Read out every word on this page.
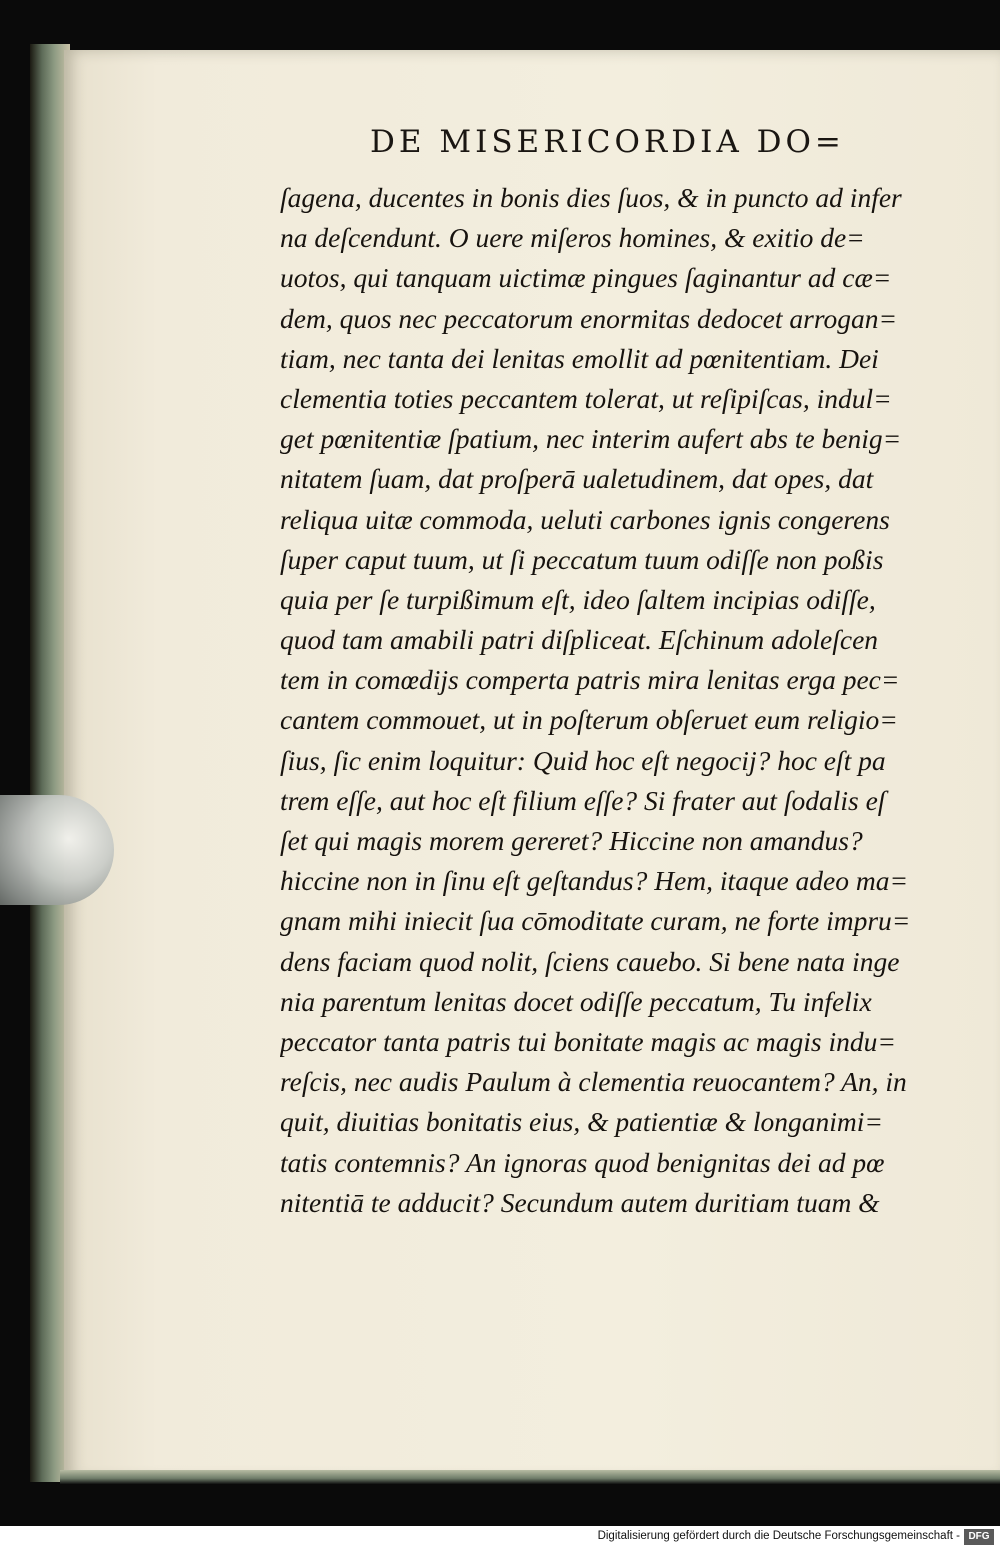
DE MISERICORDIA DO=
ſagena, ducentes in bonis dies ſuos, & in puncto ad infer
na deſcendunt. O uere miſeros homines, & exitio de=
uotos, qui tanquam uictimæ pingues ſaginantur ad cæ=
dem, quos nec peccatorum enormitas dedocet arrogan=
tiam, nec tanta dei lenitas emollit ad pœnitentiam. Dei
clementia toties peccantem tolerat, ut reſipiſcas, indul=
get pœnitentiæ ſpatium, nec interim aufert abs te benig=
nitatem ſuam, dat proſperā ualetudinem, dat opes, dat
reliqua uitæ commoda, ueluti carbones ignis congerens
ſuper caput tuum, ut ſi peccatum tuum odiſſe non poßis
quia per ſe turpißimum eſt, ideo ſaltem incipias odiſſe,
quod tam amabili patri diſpliceat. Eſchinum adoleſcen
tem in comœdijs comperta patris mira lenitas erga pec=
cantem commouet, ut in poſterum obſeruet eum religio=
ſius, ſic enim loquitur: Quid hoc eſt negocij? hoc eſt pa
trem eſſe, aut hoc eſt filium eſſe? Si frater aut ſodalis eſ
ſet qui magis morem gereret? Hiccine non amandus?
hiccine non in ſinu eſt geſtandus? Hem, itaque adeo ma=
gnam mihi iniecit ſua cōmoditate curam, ne forte impru=
dens faciam quod nolit, ſciens cauebo. Si bene nata inge
nia parentum lenitas docet odiſſe peccatum, Tu infelix
peccator tanta patris tui bonitate magis ac magis indu=
reſcis, nec audis Paulum à clementia reuocantem? An, in
quit, diuitias bonitatis eius, & patientiæ & longanimi=
tatis contemnis? An ignoras quod benignitas dei ad pœ
nitentiā te adducit? Secundum autem duritiam tuam &
Digitalisierung gefördert durch die Deutsche Forschungsgemeinschaft - DFG
